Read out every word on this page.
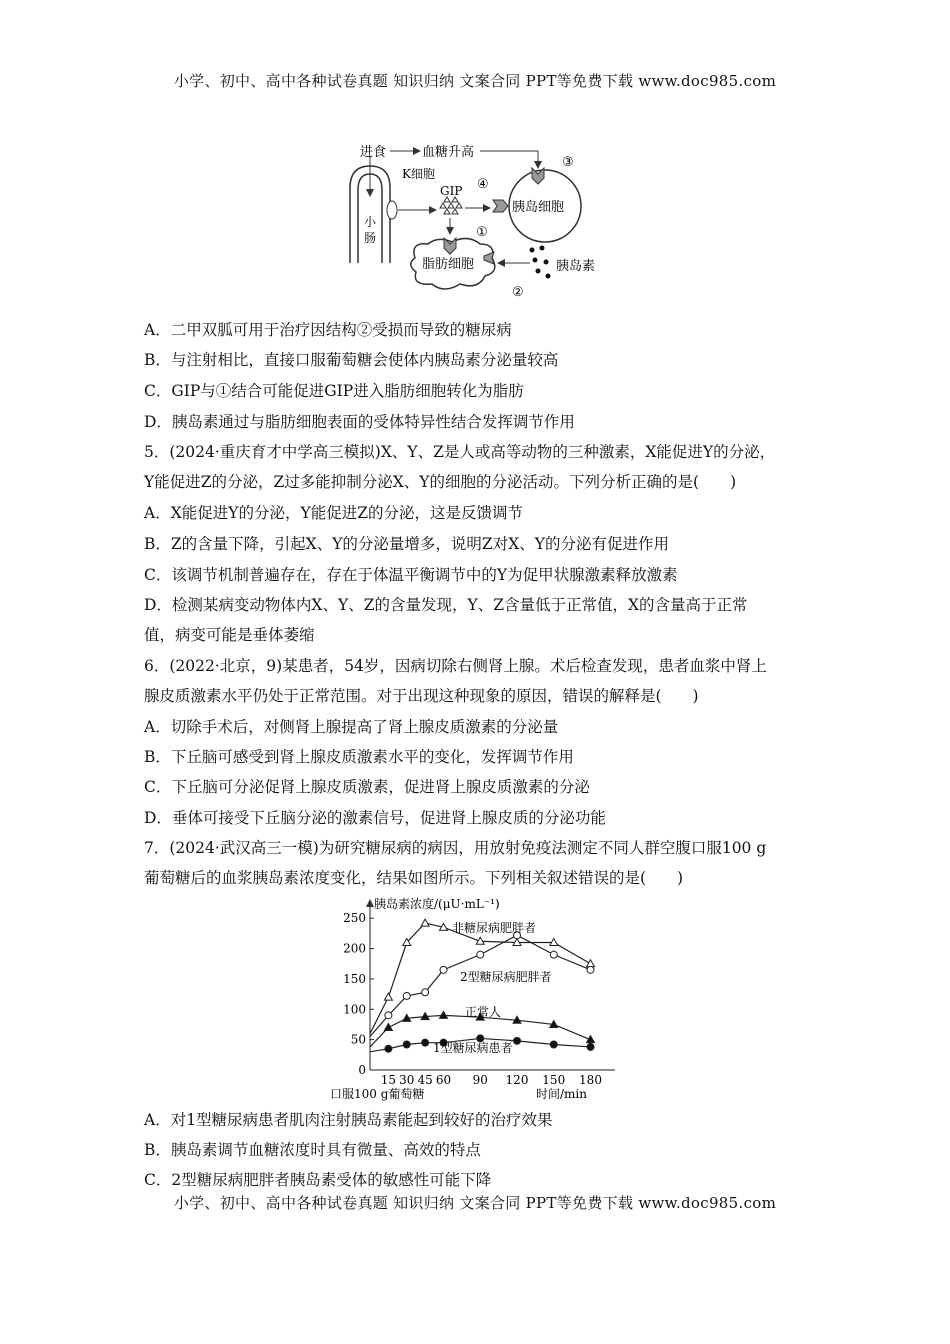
小学、初中、高中各种试卷真题 知识归纳 文案合同 PPT等免费下载 www.doc985.com
进食	血糖升高
小
肠
K细胞
GIP ④
③
胰岛细胞
胰岛素
①
脂肪细胞
②
A．二甲双胍可用于治疗因结构②受损而导致的糖尿病
B．与注射相比，直接口服葡萄糖会使体内胰岛素分泌量较高
C．GIP与①结合可能促进GIP进入脂肪细胞转化为脂肪
D．胰岛素通过与脂肪细胞表面的受体特异性结合发挥调节作用
5．(2024·重庆育才中学高三模拟)X、Y、Z是人或高等动物的三种激素，X能促进Y的分泌，
Y能促进Z的分泌，Z过多能抑制分泌X、Y的细胞的分泌活动。下列分析正确的是(　　)
A．X能促进Y的分泌，Y能促进Z的分泌，这是反馈调节
B．Z的含量下降，引起X、Y的分泌量增多，说明Z对X、Y的分泌有促进作用
C．该调节机制普遍存在，存在于体温平衡调节中的Y为促甲状腺激素释放激素
D．检测某病变动物体内X、Y、Z的含量发现，Y、Z含量低于正常值，X的含量高于正常
值，病变可能是垂体萎缩
6．(2022·北京，9)某患者，54岁，因病切除右侧肾上腺。术后检查发现，患者血浆中肾上
腺皮质激素水平仍处于正常范围。对于出现这种现象的原因，错误的解释是(　　)
A．切除手术后，对侧肾上腺提高了肾上腺皮质激素的分泌量
B．下丘脑可感受到肾上腺皮质激素水平的变化，发挥调节作用
C．下丘脑可分泌促肾上腺皮质激素，促进肾上腺皮质激素的分泌
D．垂体可接受下丘脑分泌的激素信号，促进肾上腺皮质的分泌功能
7．(2024·武汉高三一模)为研究糖尿病的病因，用放射免疫法测定不同人群空腹口服100 g
葡萄糖后的血浆胰岛素浓度变化，结果如图所示。下列相关叙述错误的是(　　)
胰岛素浓度/(μU·mL⁻¹)
时间/min
口服100 g葡萄糖
0
50
100
150
200
250
15 30 45 60 90 120 150 180
非糖尿病肥胖者
2型糖尿病肥胖者
正常人
1型糖尿病患者
A．对1型糖尿病患者肌肉注射胰岛素能起到较好的治疗效果
B．胰岛素调节血糖浓度时具有微量、高效的特点
C．2型糖尿病肥胖者胰岛素受体的敏感性可能下降
小学、初中、高中各种试卷真题 知识归纳 文案合同 PPT等免费下载 www.doc985.com
